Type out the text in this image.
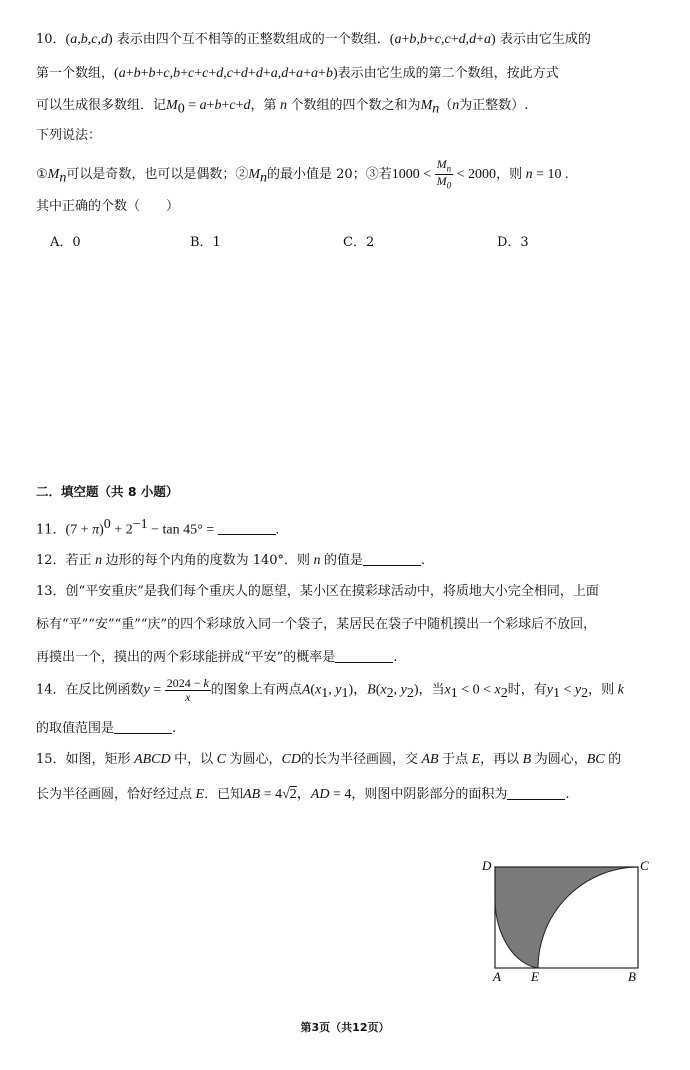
10．(a,b,c,d) 表示由四个互不相等的正整数组成的一个数组．(a+b,b+c,c+d,d+a) 表示由它生成的
第一个数组，(a+b+b+c,b+c+c+d,c+d+d+a,d+a+a+b)表示由它生成的第二个数组，按此方式
可以生成很多数组．记$M_0 = a+b+c+d$，第 n 个数组的四个数之和为$M_n(n$为正整数）.
下列说法：
$①M_n$可以是奇数，也可以是偶数；$②M_n$的最小值是 20；③若$1000 < \frac{M_n}{M_0} < 2000$，则 n = 10 .
其中正确的个数（　　）
A．0	B．1	C．2	D．3
二．填空题（共 8 小题）
11．$(7 + \pi)^0 + 2^{-1} - \tan 45^\circ$ =	.
12．若正 n 边形的每个内角的度数为 140°．则 n 的值是	.
13．创“平安重庆”是我们每个重庆人的愿望，某小区在摸彩球活动中，将质地大小完全相同，上面
标有“平”“安”“重”“庆”的四个彩球放入同一个袋子，某居民在袋子中随机摸出一个彩球后不放回，
再摸出一个，摸出的两个彩球能拼成“平安”的概率是	.
14．在反比例函数$y = \frac{2024 - k}{x}$ 的图象上有两点$A(x_1$, $y_1$)，$B(x_2$, $y_2$)，当$x_1 < 0 < x_2$时，有$y_1 < y_2$，则 k
的取值范围是	.
15．如图，矩形 ABCD 中，以 C 为圆心，CD的长为半径画圆，交 AB 于点 E，再以 B 为圆心，BC 的
长为半径画圆，恰好经过点 E．已知AB = 4√2，AD = 4，则图中阴影部分的面积为	.
D	C
A E	B
第3页（共12页）
